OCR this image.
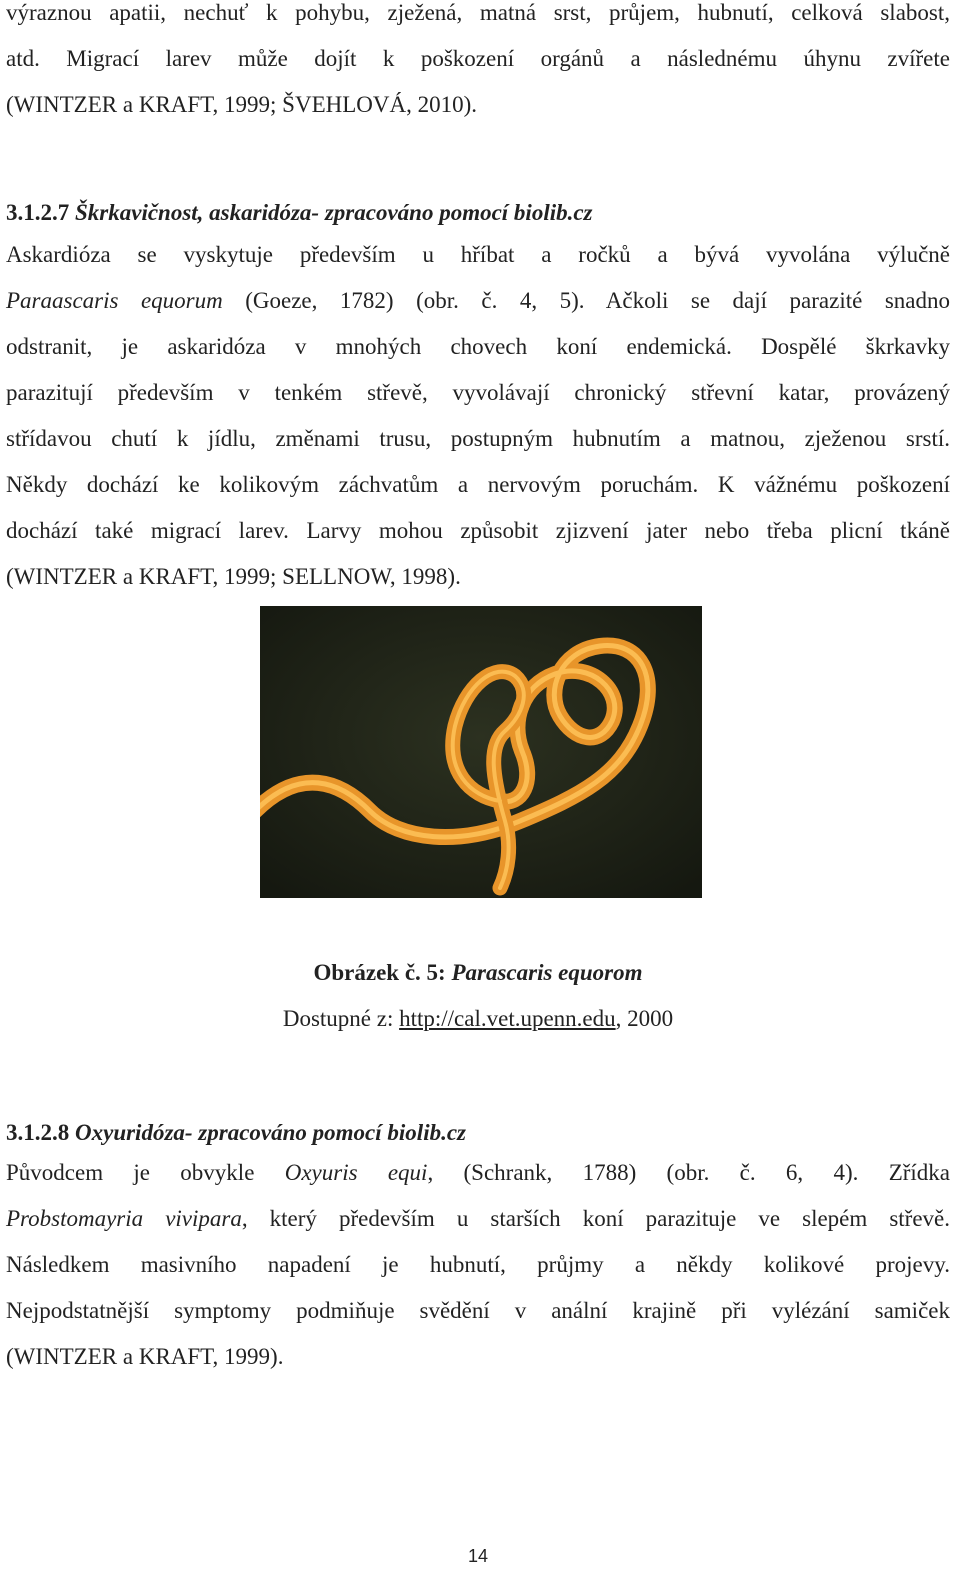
výraznou apatii, nechuť k pohybu, zježená, matná srst, průjem, hubnutí, celková slabost,
atd. Migrací larev může dojít k poškození orgánů a následnému úhynu zvířete
(WINTZER a KRAFT, 1999; ŠVEHLOVÁ, 2010).

3.1.2.7 Škrkavičnost, askaridóza- zpracováno pomocí biolib.cz

Askardióza se vyskytuje především u hříbat a ročků a bývá vyvolána výlučně
Paraascaris equorum (Goeze, 1782) (obr. č. 4, 5). Ačkoli se dají parazité snadno
odstranit, je askaridóza v mnohých chovech koní endemická. Dospělé škrkavky
parazitují především v tenkém střevě, vyvolávají chronický střevní katar, provázený
střídavou chutí k jídlu, změnami trusu, postupným hubnutím a matnou, zježenou srstí.
Někdy dochází ke kolikovým záchvatům a nervovým poruchám. K vážnému poškození
dochází také migrací larev. Larvy mohou způsobit zjizvení jater nebo třeba plicní tkáně
(WINTZER a KRAFT, 1999; SELLNOW, 1998).

Obrázek č. 5: Parascaris equorom

Dostupné z: http://cal.vet.upenn.edu, 2000

3.1.2.8 Oxyuridóza- zpracováno pomocí biolib.cz

Původcem je obvykle Oxyuris equi, (Schrank, 1788) (obr. č. 6, 4). Zřídka
Probstomayria vivipara, který především u starších koní parazituje ve slepém střevě.
Následkem masivního napadení je hubnutí, průjmy a někdy kolikové projevy.
Nejpodstatnější symptomy podmiňuje svědění v anální krajině při vylézání samiček
(WINTZER a KRAFT, 1999).

14
